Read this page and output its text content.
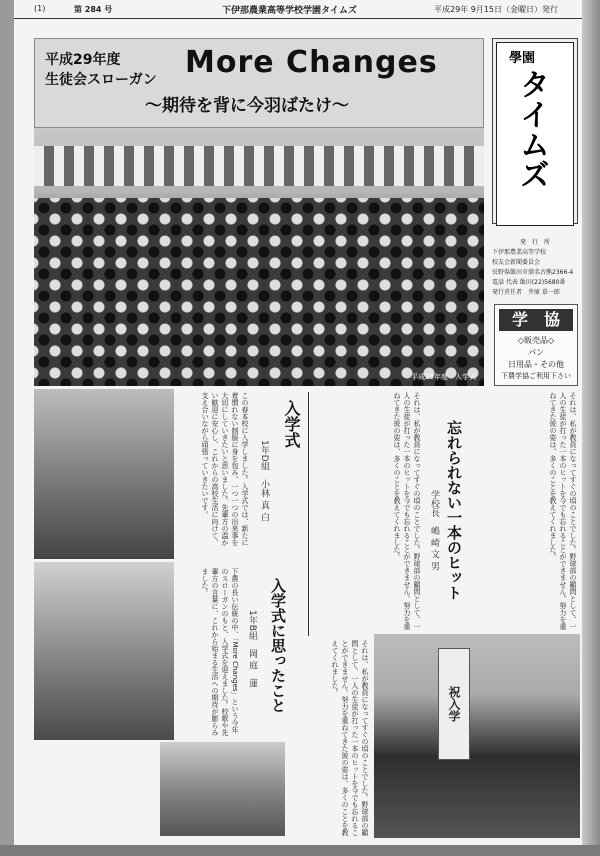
(1)	第 284 号	下伊那農業高等学校学園タイムズ	平成29年 9月15日（金曜日）発行
平成29年度
生徒会スローガン More Changes
〜期待を背に今羽ばたけ〜
學園
タイムズ
発　行　所
下伊那農業高等学校
校友会新聞委員会
長野県飯田市鼎名古熊2366-4
電話 代表 飯田(22)5680番
発行責任者　井原 慕一郎
学　協
◇販売品◇
パン
日用品・その他
下農学協ご利用下さい
平成29年度　入学式
祝入学
入学式
1年D組　小林 真 白
この春本校に入学しました。入学式では、新たに着慣れない制服に身を包み、一つ一つの出来事を大切にしていきたいと思いました。先輩方の温かい歓迎に安心し、これからの高校生活に向けて、支え合いながら頑張っていきたいです。
入学式に思ったこと
1年B組　岡 庭　蓮
下農の長い伝統の中、「More Changes」という今年のスローガンのもと、入学式を迎えました。校歌や先輩方の言葉に、これから始まる生活への期待が膨らみました。	忘れられない一本のヒット
学校長　嶋 崎 文 男	それは、私が教員になってすぐの頃のことでした。野球部の顧問として、一人の生徒が打った一本のヒットを今でも忘れることができません。努力を重ねてきた彼の姿は、多くのことを教えてくれました。
それは、私が教員になってすぐの頃のことでした。野球部の顧問として、一人の生徒が打った一本のヒットを今でも忘れることができません。努力を重ねてきた彼の姿は、多くのことを教えてくれました。
それは、私が教員になってすぐの頃のことでした。野球部の顧問として、一人の生徒が打った一本のヒットを今でも忘れることができません。努力を重ねてきた彼の姿は、多くのことを教えてくれました。
